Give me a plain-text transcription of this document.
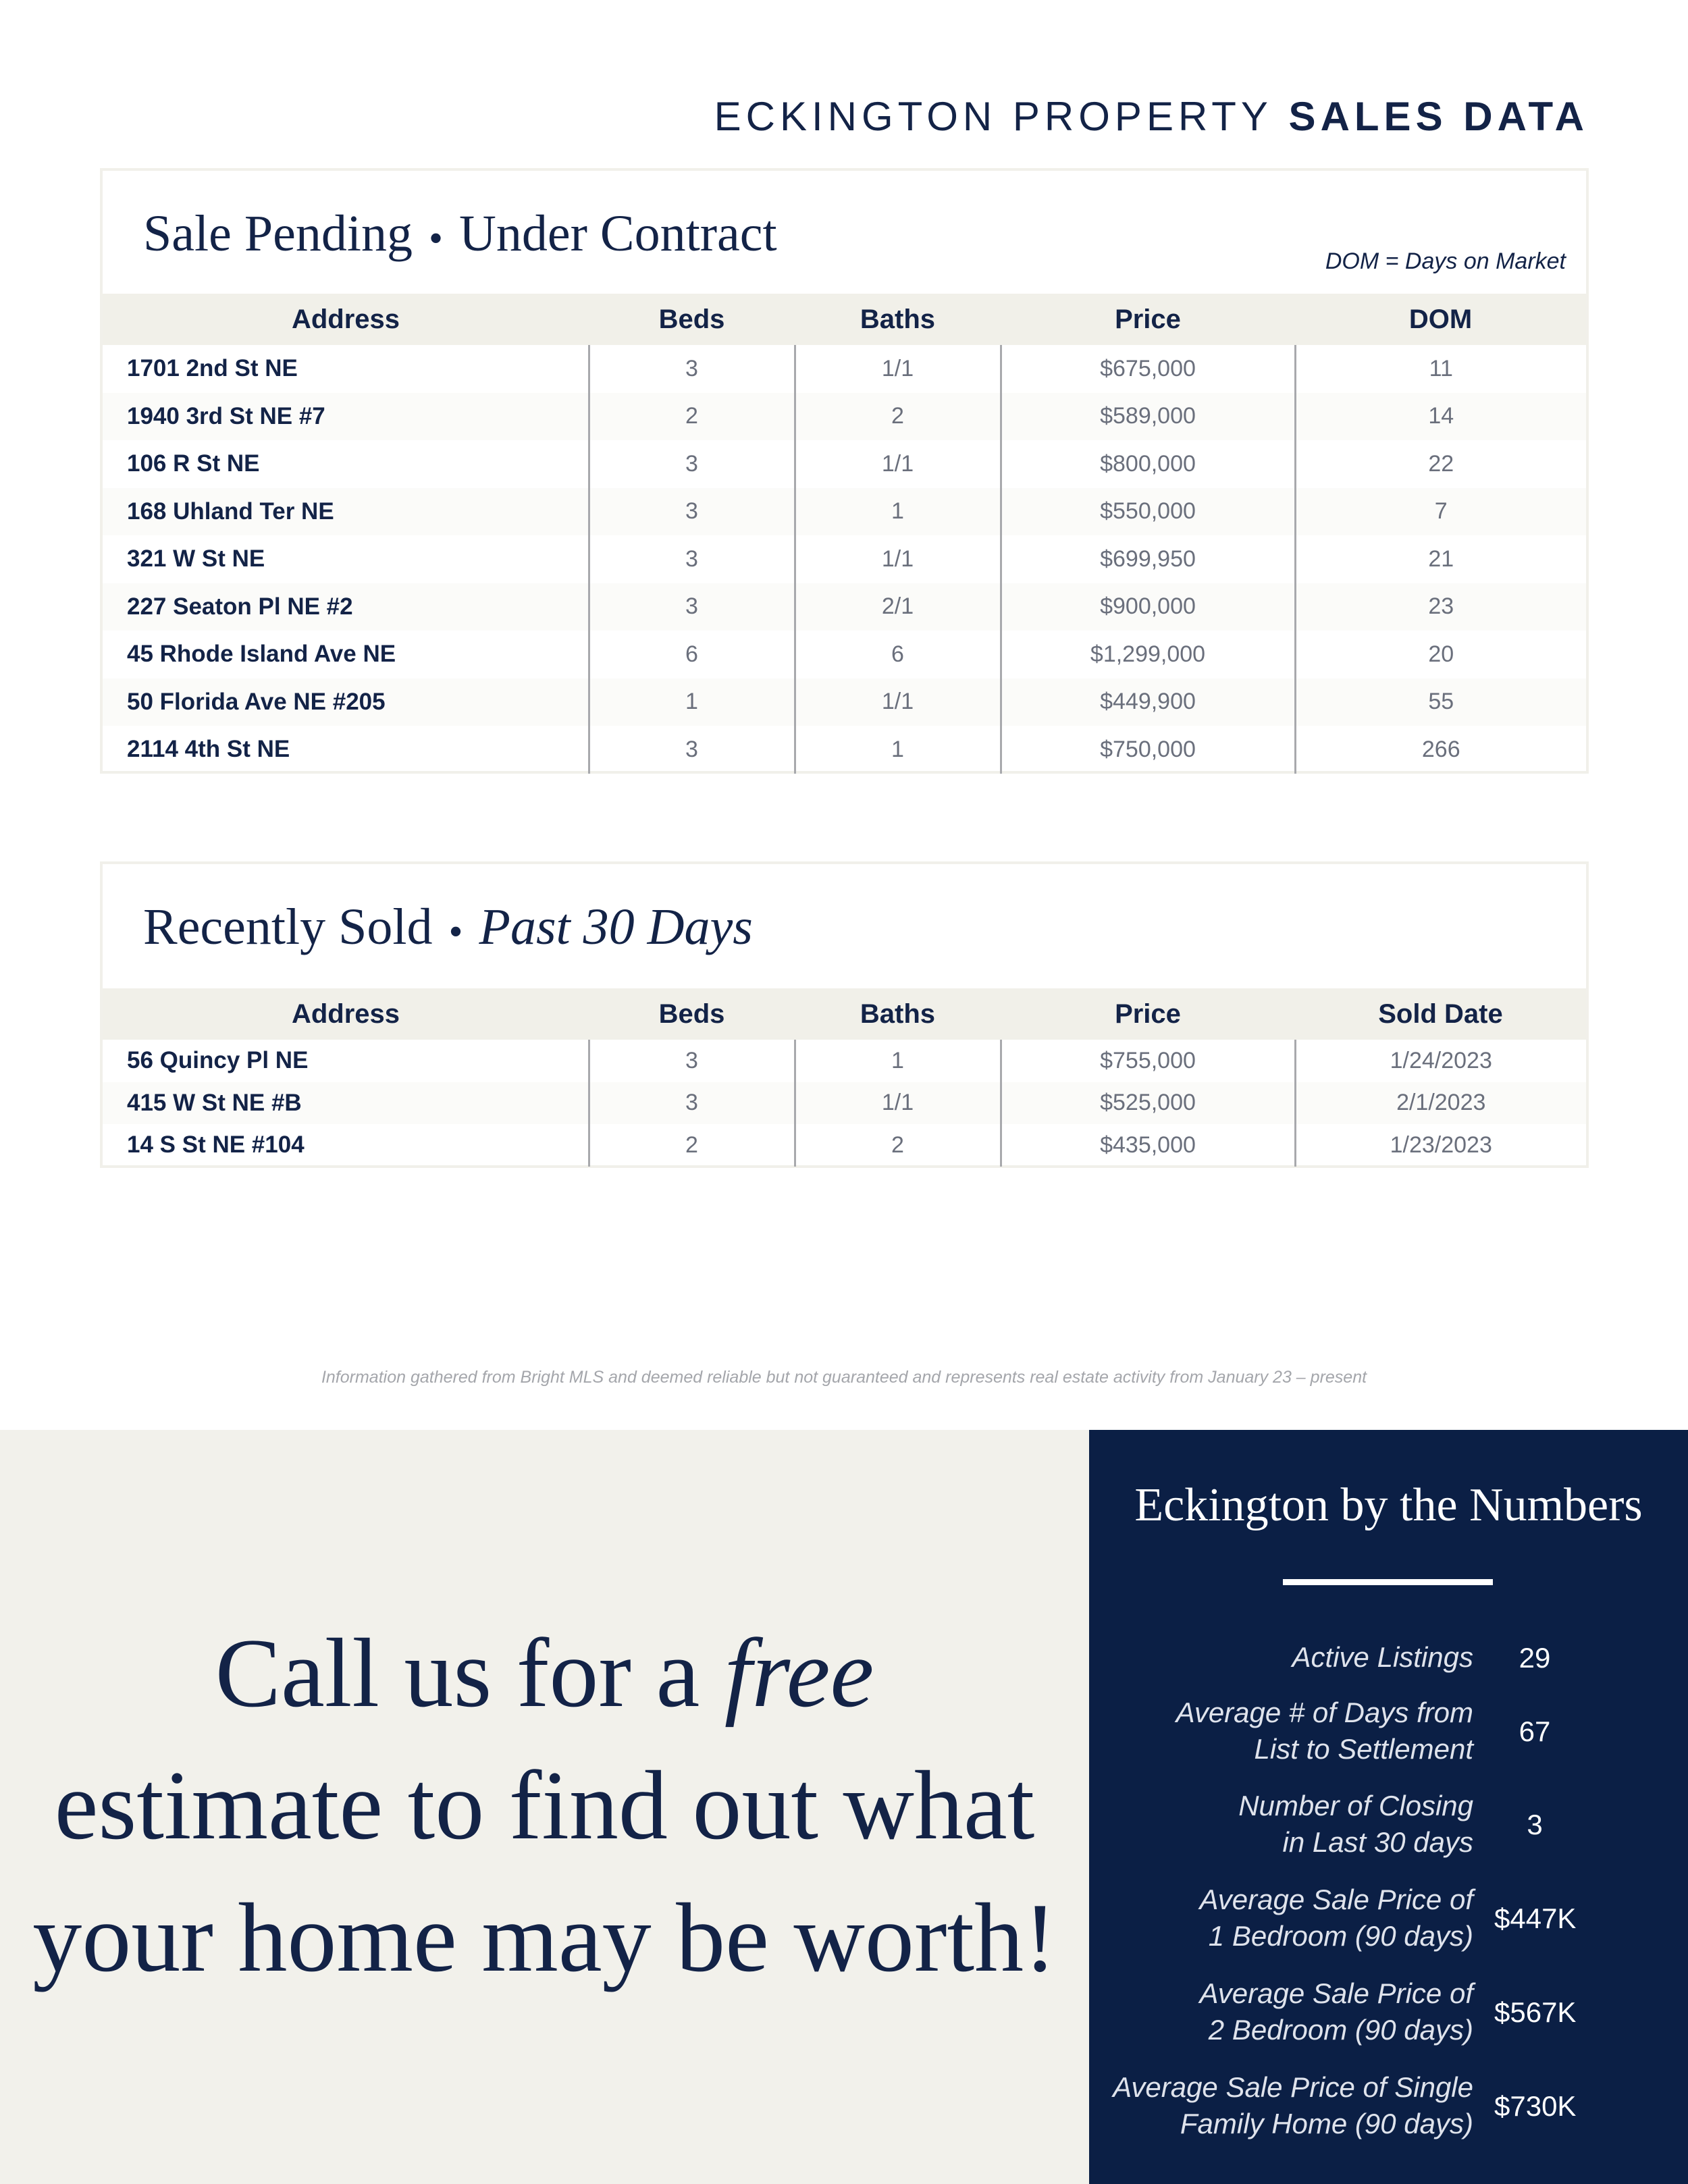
ECKINGTON PROPERTY SALES DATA
Sale Pending • Under Contract	DOM = Days on Market
Address	Beds	Baths	Price	DOM
1701 2nd St NE	3	1/1	$675,000	11
1940 3rd St NE #7	2	2	$589,000	14
106 R St NE	3	1/1	$800,000	22
168 Uhland Ter NE	3	1	$550,000	7
321 W St NE	3	1/1	$699,950	21
227 Seaton Pl NE #2	3	2/1	$900,000	23
45 Rhode Island Ave NE	6	6	$1,299,000	20
50 Florida Ave NE #205	1	1/1	$449,900	55
2114 4th St NE	3	1	$750,000	266
Recently Sold • Past 30 Days
Address	Beds	Baths	Price	Sold Date
56 Quincy Pl NE	3	1	$755,000	1/24/2023
415 W St NE #B	3	1/1	$525,000	2/1/2023
14 S St NE #104	2	2	$435,000	1/23/2023
Information gathered from Bright MLS and deemed reliable but not guaranteed and represents real estate activity from January 23 – present
Call us for a free
estimate to find out what
your home may be worth!
Eckington by the Numbers
Active Listings	29
Average # of Days from
List to Settlement
67
Number of Closing
in Last 30 days
3
Average Sale Price of
1 Bedroom (90 days)
$447K
Average Sale Price of
2 Bedroom (90 days)
$567K
Average Sale Price of Single
Family Home (90 days)
$730K
